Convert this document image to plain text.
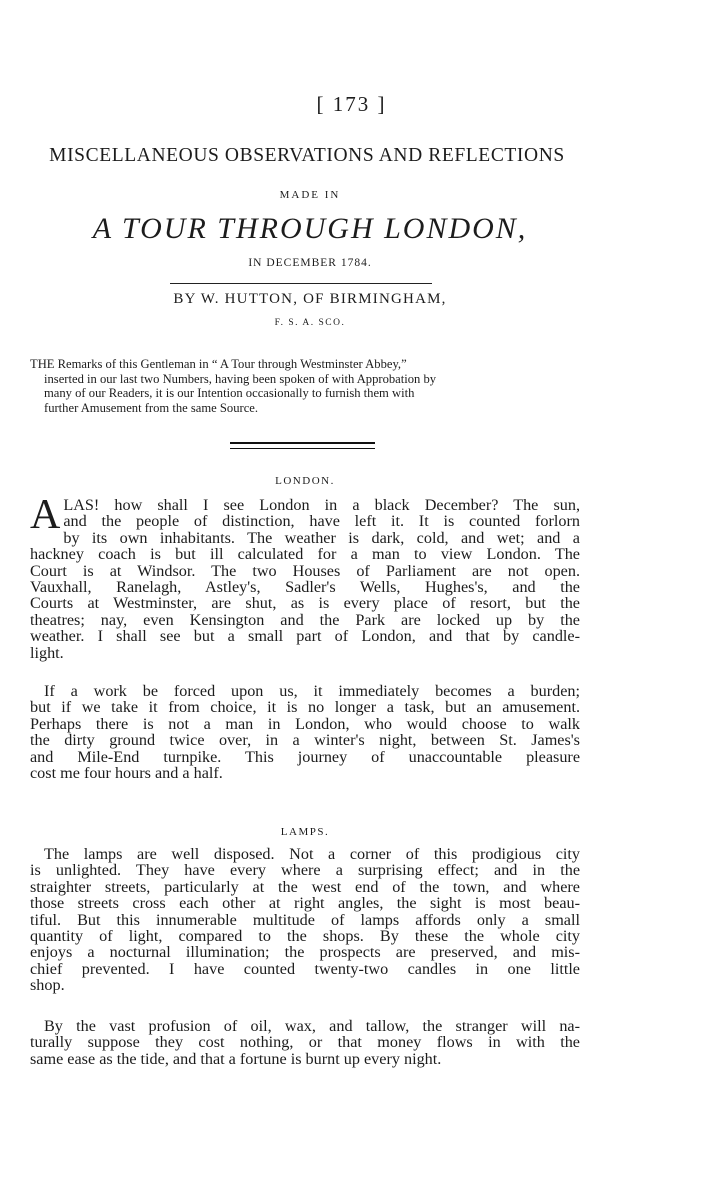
[ 173 ]
MISCELLANEOUS OBSERVATIONS AND REFLECTIONS
MADE IN
A TOUR THROUGH LONDON,
IN DECEMBER 1784.
BY W. HUTTON, OF BIRMINGHAM,
F. S. A. SCO.
THE Remarks of this Gentleman in “ A Tour through Westminster Abbey,”
inserted in our last two Numbers, having been spoken of with Approbation by
many of our Readers, it is our Intention occasionally to furnish them with
further Amusement from the same Source.
LONDON.
A LAS! how shall I see London in a black December? The sun,
and the people of distinction, have left it. It is counted forlorn
by its own inhabitants. The weather is dark, cold, and wet; and a
hackney coach is but ill calculated for a man to view London. The
Court is at Windsor. The two Houses of Parliament are not open.
Vauxhall, Ranelagh, Astley's, Sadler's Wells, Hughes's, and the
Courts at Westminster, are shut, as is every place of resort, but the
theatres; nay, even Kensington and the Park are locked up by the
weather. I shall see but a small part of London, and that by candle-
light.
If a work be forced upon us, it immediately becomes a burden;
but if we take it from choice, it is no longer a task, but an amusement.
Perhaps there is not a man in London, who would choose to walk
the dirty ground twice over, in a winter's night, between St. James's
and Mile-End turnpike. This journey of unaccountable pleasure
cost me four hours and a half.
LAMPS.
The lamps are well disposed. Not a corner of this prodigious city
is unlighted. They have every where a surprising effect; and in the
straighter streets, particularly at the west end of the town, and where
those streets cross each other at right angles, the sight is most beau-
tiful. But this innumerable multitude of lamps affords only a small
quantity of light, compared to the shops. By these the whole city
enjoys a nocturnal illumination; the prospects are preserved, and mis-
chief prevented. I have counted twenty-two candles in one little
shop.
By the vast profusion of oil, wax, and tallow, the stranger will na-
turally suppose they cost nothing, or that money flows in with the
same ease as the tide, and that a fortune is burnt up every night.
